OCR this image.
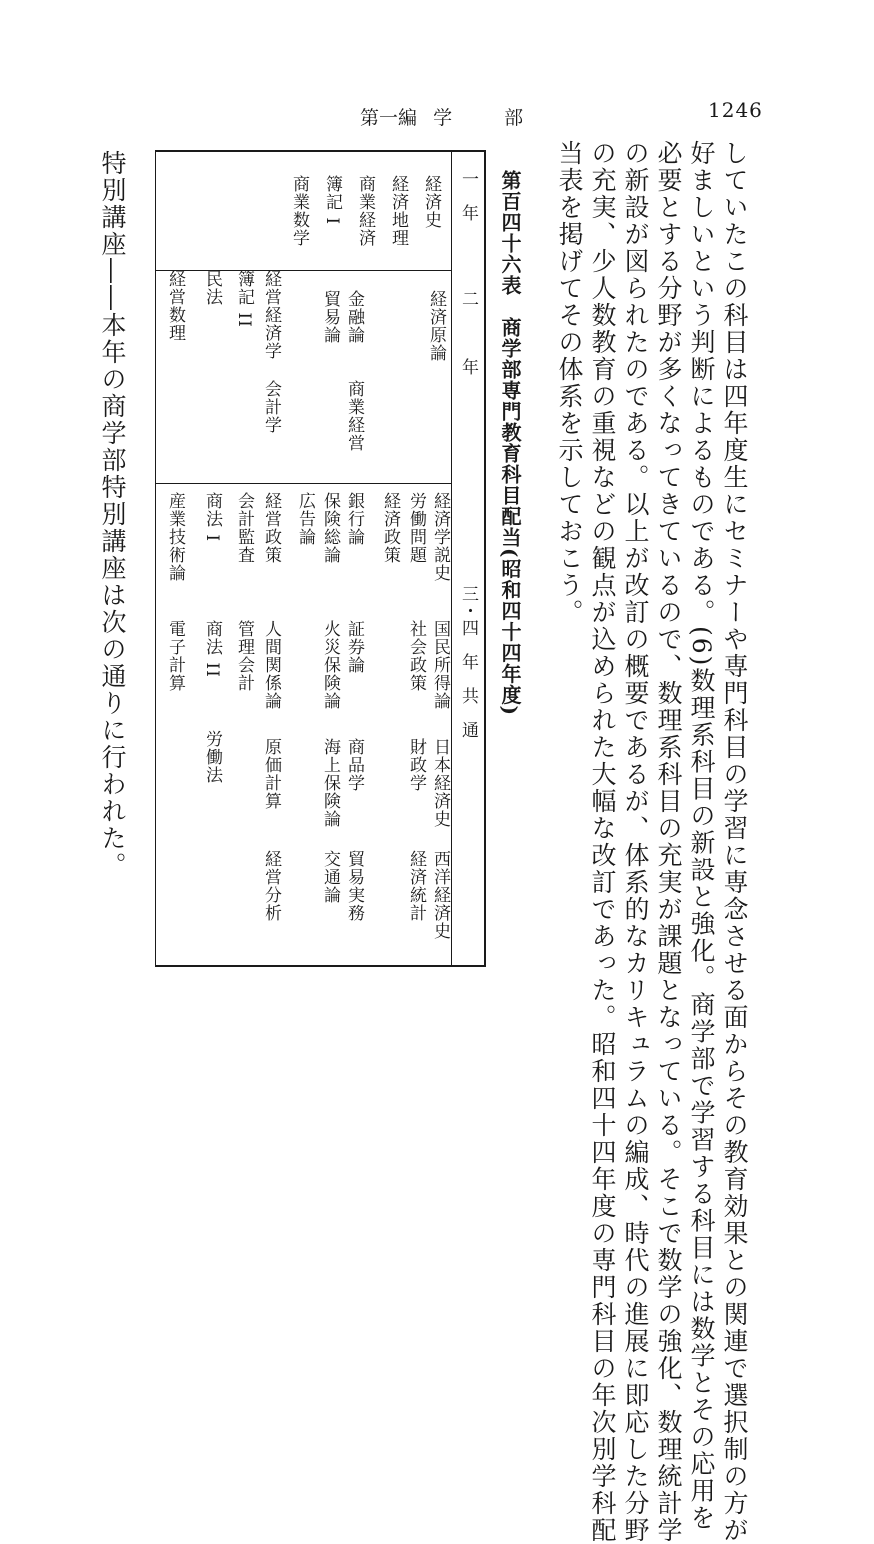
1246
第一編 学	部
していたこの科目は四年度生にセミナーや専門科目の学習に専念させる面からその教育効果との関連で選択制の方が
好ましいという判断によるものである。(6)数理系科目の新設と強化。商学部で学習する科目には数学とその応用を
必要とする分野が多くなってきているので、数理系科目の充実が課題となっている。そこで数学の強化、数理統計学
の新設が図られたのである。以上が改訂の概要であるが、体系的なカリキュラムの編成、時代の進展に即応した分野
の充実、少人数教育の重視などの観点が込められた大幅な改訂であった。昭和四十四年度の専門科目の年次別学科配
当表を掲げてその体系を示しておこう。
第百四十六表　商学部専門教育科目配当(昭和四十四年度)
一　年
二　　　年
三・四　年　共　通
経済史
経済地理
商業経済
簿記 I
商業数学
経済原論
金融論
商業経営
貿易論
経営経済学
会計学
簿記 II
民法
経営数理
経済学説史
国民所得論
日本経済史
西洋経済史
労働問題
社会政策
財政学
経済統計
経済政策
銀行論
証券論
商品学
貿易実務
保険総論
火災保険論
海上保険論
交通論
広告論
経営政策
人間関係論
原価計算
経営分析
会計監査
管理会計
商法 I
商法 II
労働法
産業技術論
電子計算
特別講座――本年の商学部特別講座は次の通りに行われた。
